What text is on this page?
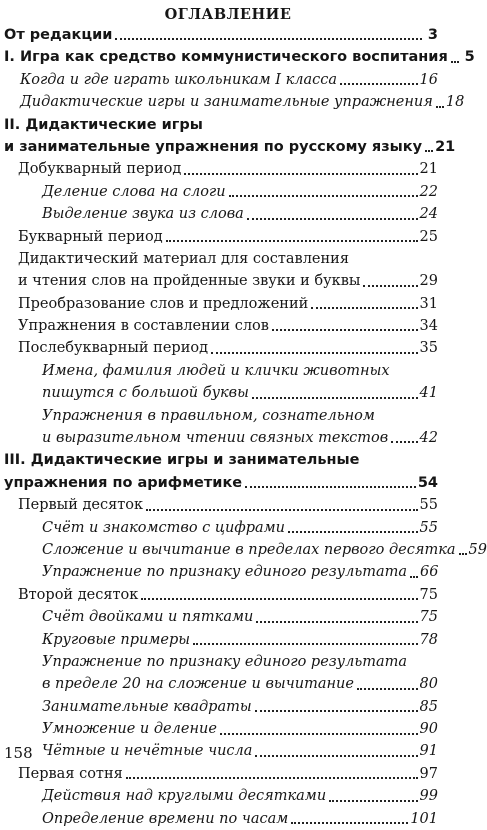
ОГЛАВЛЕНИЕ
От редакции	3
I. Игра как средство коммунистического воспитания 5
Когда и где играть школьникам I класса	16
Дидактические игры и занимательные упражнения 18
II. Дидактические игры
и занимательные упражнения по русскому языку 21
Добукварный период	21
Деление слова на слоги	22
Выделение звука из слова	24
Букварный период	25
Дидактический материал для составления
и чтения слов на пройденные звуки и буквы	29
Преобразование слов и предложений	31
Упражнения в составлении слов	34
Послебукварный период	35
Имена, фамилия людей и клички животных
пишутся с большой буквы	41
Упражнения в правильном, сознательном
и выразительном чтении связных текстов 42
III. Дидактические игры и занимательные
упражнения по арифметике	54
Первый десяток	55
Счёт и знакомство с цифрами	55
Сложение и вычитание в пределах первого десятка 59
Упражнение по признаку единого результата 66
Второй десяток	75
Счёт двойками и пятками	75
Круговые примеры	78
Упражнение по признаку единого результата
в пределе 20 на сложение и вычитание	80
Занимательные квадраты	85
Умножение и деление	90
Чётные и нечётные числа	91
Первая сотня	97
Действия над круглыми десятками	99
Определение времени по часам	101
158
